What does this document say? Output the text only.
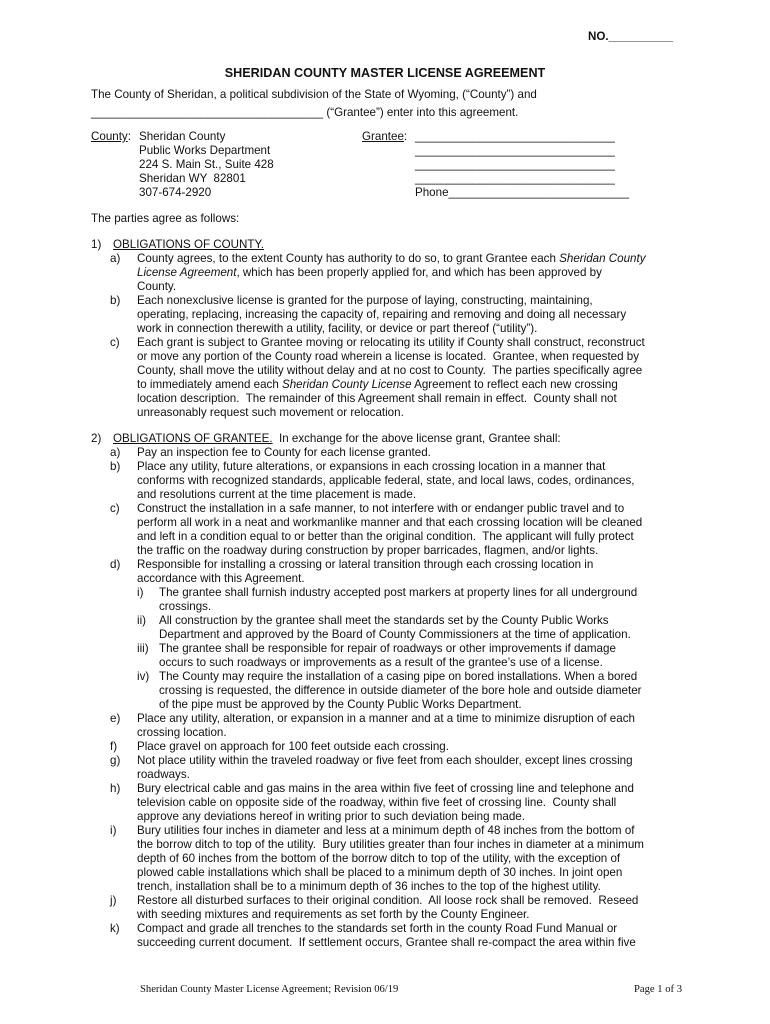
NO.__________
SHERIDAN COUNTY MASTER LICENSE AGREEMENT
The County of Sheridan, a political subdivision of the State of Wyoming, (“County”) and
____________________________________ (“Grantee”) enter into this agreement.
County: Sheridan County
Public Works Department
224 S. Main St., Suite 428
Sheridan WY  82801
307-674-2920
Grantee: _______________________________
_______________________________
_______________________________
_______________________________
Phone____________________________
The parties agree as follows:
1) OBLIGATIONS OF COUNTY.
a) County agrees, to the extent County has authority to do so, to grant Grantee each Sheridan County
License Agreement, which has been properly applied for, and which has been approved by
County.
b) Each nonexclusive license is granted for the purpose of laying, constructing, maintaining,
operating, replacing, increasing the capacity of, repairing and removing and doing all necessary
work in connection therewith a utility, facility, or device or part thereof (“utility”).
c) Each grant is subject to Grantee moving or relocating its utility if County shall construct, reconstruct
or move any portion of the County road wherein a license is located.  Grantee, when requested by
County, shall move the utility without delay and at no cost to County.  The parties specifically agree
to immediately amend each Sheridan County License Agreement to reflect each new crossing
location description.  The remainder of this Agreement shall remain in effect.  County shall not
unreasonably request such movement or relocation.
2) OBLIGATIONS OF GRANTEE.  In exchange for the above license grant, Grantee shall:
a) Pay an inspection fee to County for each license granted.
b) Place any utility, future alterations, or expansions in each crossing location in a manner that
conforms with recognized standards, applicable federal, state, and local laws, codes, ordinances,
and resolutions current at the time placement is made.
c) Construct the installation in a safe manner, to not interfere with or endanger public travel and to
perform all work in a neat and workmanlike manner and that each crossing location will be cleaned
and left in a condition equal to or better than the original condition.  The applicant will fully protect
the traffic on the roadway during construction by proper barricades, flagmen, and/or lights.
d) Responsible for installing a crossing or lateral transition through each crossing location in
accordance with this Agreement.
i) The grantee shall furnish industry accepted post markers at property lines for all underground
crossings.
ii) All construction by the grantee shall meet the standards set by the County Public Works
Department and approved by the Board of County Commissioners at the time of application.
iii) The grantee shall be responsible for repair of roadways or other improvements if damage
occurs to such roadways or improvements as a result of the grantee’s use of a license.
iv) The County may require the installation of a casing pipe on bored installations. When a bored
crossing is requested, the difference in outside diameter of the bore hole and outside diameter
of the pipe must be approved by the County Public Works Department.
e) Place any utility, alteration, or expansion in a manner and at a time to minimize disruption of each
crossing location.
f) Place gravel on approach for 100 feet outside each crossing.
g) Not place utility within the traveled roadway or five feet from each shoulder, except lines crossing
roadways.
h) Bury electrical cable and gas mains in the area within five feet of crossing line and telephone and
television cable on opposite side of the roadway, within five feet of crossing line.  County shall
approve any deviations hereof in writing prior to such deviation being made.
i) Bury utilities four inches in diameter and less at a minimum depth of 48 inches from the bottom of
the borrow ditch to top of the utility.  Bury utilities greater than four inches in diameter at a minimum
depth of 60 inches from the bottom of the borrow ditch to top of the utility, with the exception of
plowed cable installations which shall be placed to a minimum depth of 30 inches. In joint open
trench, installation shall be to a minimum depth of 36 inches to the top of the highest utility.
j) Restore all disturbed surfaces to their original condition.  All loose rock shall be removed.  Reseed
with seeding mixtures and requirements as set forth by the County Engineer.
k) Compact and grade all trenches to the standards set forth in the county Road Fund Manual or
succeeding current document.  If settlement occurs, Grantee shall re-compact the area within five
Sheridan County Master License Agreement; Revision 06/19	Page 1 of 3
